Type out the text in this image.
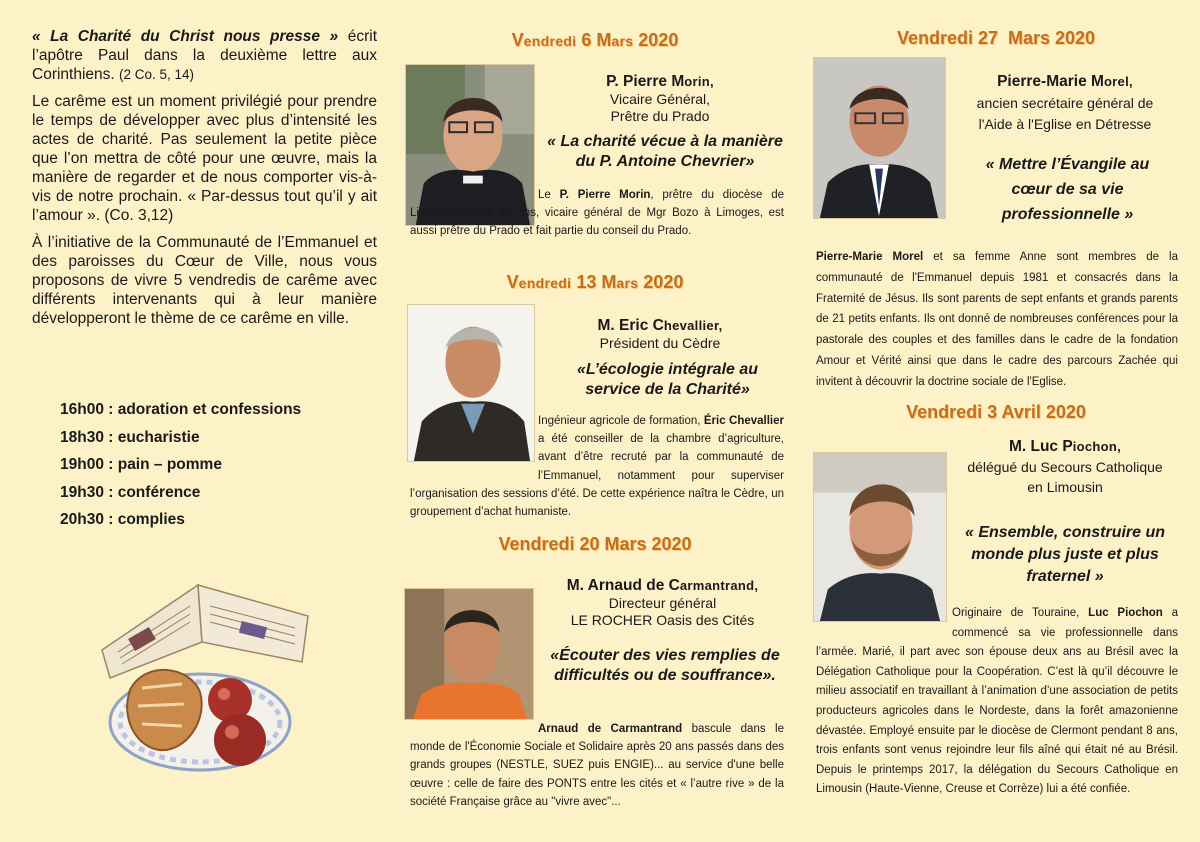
« La Charité du Christ nous presse » écrit l’apôtre Paul dans la deuxième lettre aux Corinthiens. (2 Co. 5, 14)

Le carême est un moment privilégié pour prendre le temps de développer avec plus d’intensité les actes de charité. Pas seulement la petite pièce que l’on mettra de côté pour une œuvre, mais la manière de regarder et de nous comporter vis-à-vis de notre prochain. « Par-dessus tout qu’il y ait l’amour ». (Co. 3,12)

À l’initiative de la Communauté de l’Emmanuel et des paroisses du Cœur de Ville, nous vous proposons de vivre 5 vendredis de carême avec différents intervenants qui à leur manière développeront le thème de ce carême en ville.

16h00 : adoration et confessions
18h30 : eucharistie
19h00 : pain – pomme
19h30 : conférence
20h30 : complies
Vendredi 6 Mars 2020
P. Pierre Morin,
Vicaire Général,
Prêtre du Prado
« La charité vécue à la manière du P. Antoine Chevrier»
Le P. Pierre Morin, prêtre du diocèse de Limoges depuis 30 ans, vicaire général de Mgr Bozo à Limoges, est aussi prêtre du Prado et fait partie du conseil du Prado.
Vendredi 13 Mars 2020
M. Eric Chevallier,
Président du Cèdre
«L’écologie intégrale au service de la Charité»
Ingénieur agricole de formation, Éric Chevallier a été conseiller de la chambre d’agriculture, avant d’être recruté par la communauté de l’Emmanuel, notamment pour superviser l’organisation des sessions d’été. De cette expérience naîtra le Cèdre, un groupement d’achat humaniste.
Vendredi 20 Mars 2020
M. Arnaud de Carmantrand,
Directeur général
LE ROCHER Oasis des Cités
«Écouter des vies remplies de difficultés ou de souffrance».
Arnaud de Carmantrand bascule dans le monde de l'Économie Sociale et Solidaire après 20 ans passés dans des grands groupes (NESTLE, SUEZ puis ENGIE)... au service d'une belle œuvre : celle de faire des PONTS entre les cités et « l’autre rive » de la société Française grâce au "vivre avec"...
Vendredi 27  Mars 2020
Pierre-Marie Morel,
ancien secrétaire général de
l'Aide à l'Eglise en Détresse
« Mettre l’Évangile au cœur de sa vie professionnelle »
Pierre-Marie Morel et sa femme Anne sont membres de la communauté de l'Emmanuel depuis 1981 et consacrés dans la Fraternité de Jésus. Ils sont parents de sept enfants et grands parents de 21 petits enfants. Ils ont donné de nombreuses conférences pour la pastorale des couples et des familles dans le cadre de la fondation Amour et Vérité ainsi que dans le cadre des parcours Zachée qui invitent à découvrir la doctrine sociale de l'Eglise.
Vendredi 3 Avril 2020
M. Luc Piochon,
délégué du Secours Catholique
en Limousin
« Ensemble, construire un monde plus juste et plus fraternel »
Originaire de Touraine, Luc Piochon a commencé sa vie professionnelle dans l’armée. Marié, il part avec son épouse deux ans au Brésil avec la Délégation Catholique pour la Coopération. C’est là qu’il découvre le milieu associatif en travaillant à l’animation d’une association de petits producteurs agricoles dans le Nordeste, dans la forêt amazonienne dévastée. Employé ensuite par le diocèse de Clermont pendant 8 ans, trois enfants sont venus rejoindre leur fils aîné qui était né au Brésil. Depuis le printemps 2017, la délégation du Secours Catholique en Limousin (Haute-Vienne, Creuse et Corrèze) lui a été confiée.
